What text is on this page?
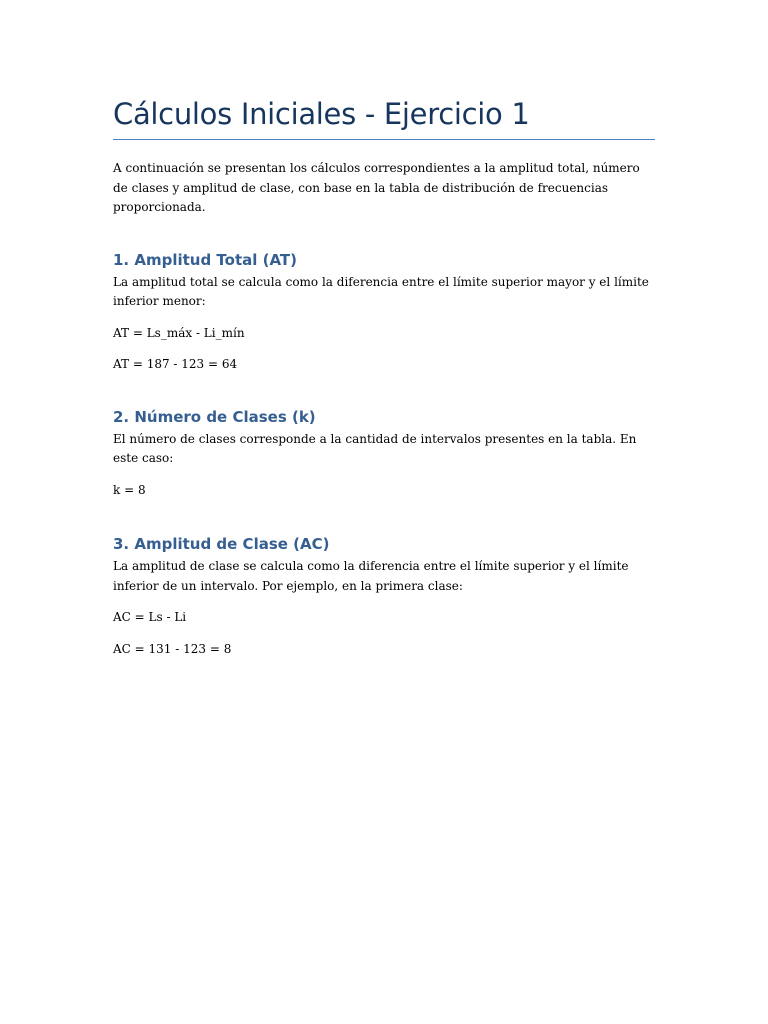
Cálculos Iniciales - Ejercicio 1

A continuación se presentan los cálculos correspondientes a la amplitud total, número de clases y amplitud de clase, con base en la tabla de distribución de frecuencias proporcionada.

1. Amplitud Total (AT)

La amplitud total se calcula como la diferencia entre el límite superior mayor y el límite inferior menor:

AT = Ls_máx - Li_mín

AT = 187 - 123 = 64

2. Número de Clases (k)

El número de clases corresponde a la cantidad de intervalos presentes en la tabla. En este caso:

k = 8

3. Amplitud de Clase (AC)

La amplitud de clase se calcula como la diferencia entre el límite superior y el límite inferior de un intervalo. Por ejemplo, en la primera clase:

AC = Ls - Li

AC = 131 - 123 = 8
